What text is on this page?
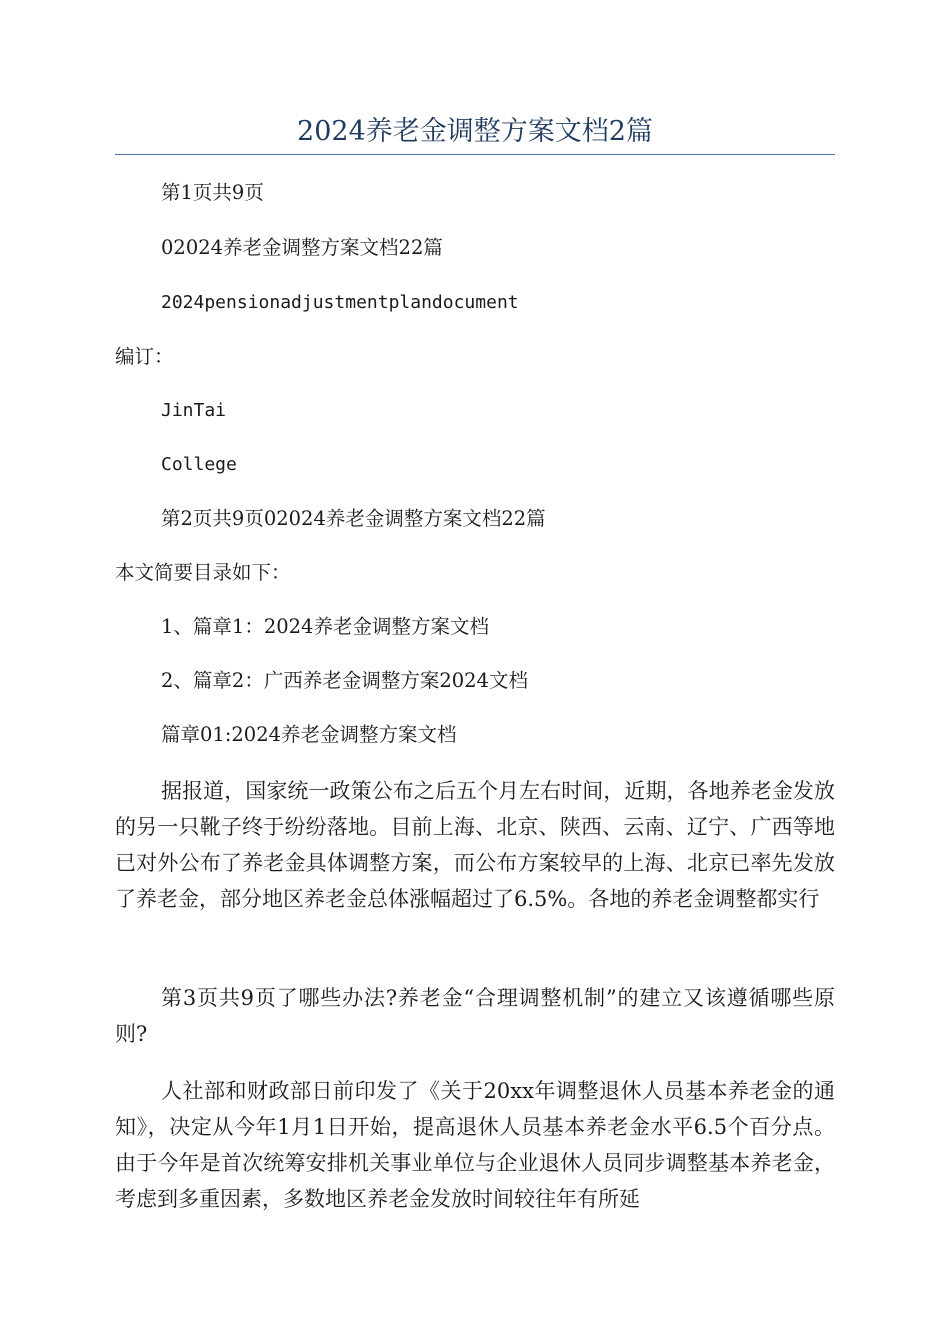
2024养老金调整方案文档2篇

第1页共9页

02024养老金调整方案文档22篇

2024pensionadjustmentplandocument

编订：

JinTai

College

第2页共9页02024养老金调整方案文档22篇

本文简要目录如下：

1、篇章1：2024养老金调整方案文档

2、篇章2：广西养老金调整方案2024文档

篇章01:2024养老金调整方案文档

据报道，国家统一政策公布之后五个月左右时间，近期，各地养老金发放的另一只靴子终于纷纷落地。目前上海、北京、陕西、云南、辽宁、广西等地已对外公布了养老金具体调整方案，而公布方案较早的上海、北京已率先发放了养老金，部分地区养老金总体涨幅超过了6.5%。各地的养老金调整都实行

第3页共9页了哪些办法?养老金“合理调整机制”的建立又该遵循哪些原则?

人社部和财政部日前印发了《关于20xx年调整退休人员基本养老金的通知》，决定从今年1月1日开始，提高退休人员基本养老金水平6.5个百分点。由于今年是首次统筹安排机关事业单位与企业退休人员同步调整基本养老金，考虑到多重因素，多数地区养老金发放时间较往年有所延
